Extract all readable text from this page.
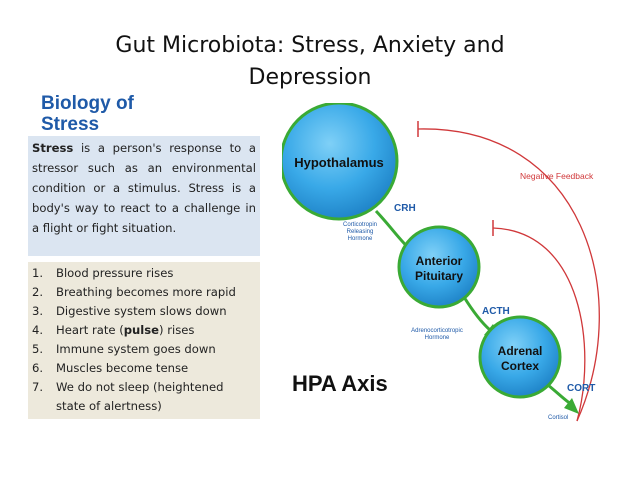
Gut Microbiota: Stress, Anxiety and
Depression
Biology of Stress
Stress is a person's response to a stressor such as an environmental condition or a stimulus. Stress is a body's way to react to a challenge in a flight or fight situation.
1. Blood pressure rises
2. Breathing becomes more rapid
3. Digestive system slows down
4. Heart rate (pulse) rises
5. Immune system goes down
6. Muscles become tense
7. We do not sleep (heightened state of alertness)
Negative Feedback
Hypothalamus
Anterior
Pituitary
Adrenal
Cortex
CRH
Corticotropin
Releasing
Hormone
ACTH
Adrenocorticotropic
Hormone
CORT
Cortisol
HPA Axis
